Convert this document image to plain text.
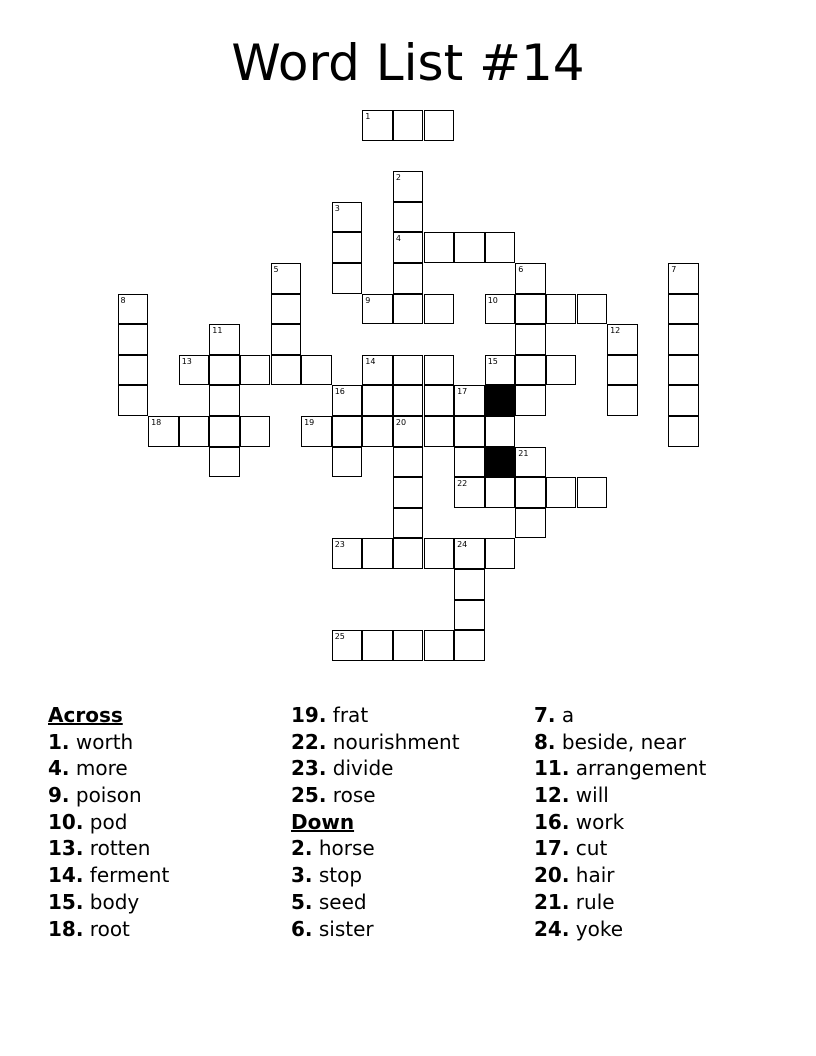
Word List #14
1
2
3
4
5	6	7
8	9	10
11	12
13	14	15
16	17
18	19	20
21
22
23	24
25
Across
1. worth
4. more
9. poison
10. pod
13. rotten
14. ferment
15. body
18. root
19. frat
22. nourishment
23. divide
25. rose
Down
2. horse
3. stop
5. seed
6. sister
7. a
8. beside, near
11. arrangement
12. will
16. work
17. cut
20. hair
21. rule
24. yoke
